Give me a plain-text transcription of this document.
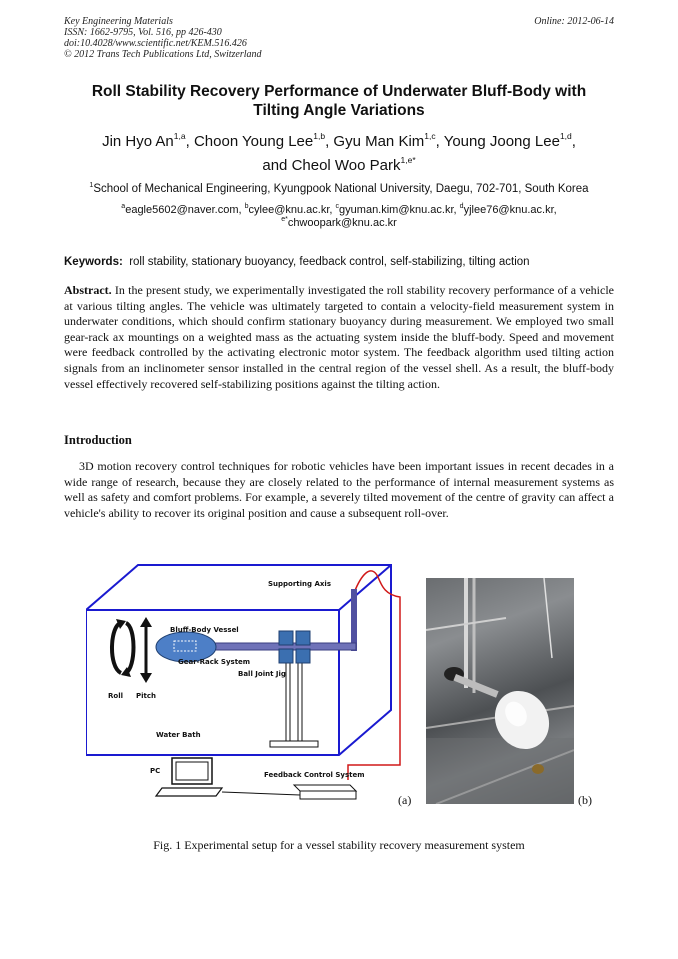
Key Engineering Materials
ISSN: 1662-9795, Vol. 516, pp 426-430
doi:10.4028/www.scientific.net/KEM.516.426
© 2012 Trans Tech Publications Ltd, Switzerland
Online: 2012-06-14
Roll Stability Recovery Performance of Underwater Bluff-Body with
Tilting Angle Variations
Jin Hyo An$^{1,a}$, Choon Young Lee$^{1,b}$, Gyu Man Kim$^{1,c}$, Young Joong Lee$^{1,d}$,
and Cheol Woo Park$^{1,e*}$
$^1$School of Mechanical Engineering, Kyungpook National University, Daegu, 702-701, South Korea
$^a$eagle5602@naver.com, $^b$cylee@knu.ac.kr, $^c$gyuman.kim@knu.ac.kr, $^d$yjlee76@knu.ac.kr,
$^{e*}$chwoopark@knu.ac.kr
Keywords: roll stability, stationary buoyancy, feedback control, self-stabilizing, tilting action
Abstract. In the present study, we experimentally investigated the roll stability recovery performance of a vehicle at various tilting angles. The vehicle was ultimately targeted to contain a velocity-field measurement system in underwater conditions, which should confirm stationary buoyancy during measurement. We employed two small gear-rack ax mountings on a weighted mass as the actuating system inside the bluff-body. Speed and movement were feedback controlled by the activating electronic motor system. The feedback algorithm used tilting action signals from an inclinometer sensor installed in the central region of the vessel shell. As a result, the bluff-body vessel effectively recovered self-stabilizing positions against the tilting action.
Introduction
3D motion recovery control techniques for robotic vehicles have been important issues in recent decades in a wide range of research, because they are closely related to the performance of internal measurement systems as well as safety and comfort problems. For example, a severely tilted movement of the centre of gravity can affect a vehicle's ability to recover its original position and cause a subsequent roll-over.
Supporting Axis
Bluff-Body Vessel
Gear-Rack System
Ball Joint Jig
Roll Pitch
Water Bath
PC	Feedback Control System
(a)	(b)
Fig. 1 Experimental setup for a vessel stability recovery measurement system
